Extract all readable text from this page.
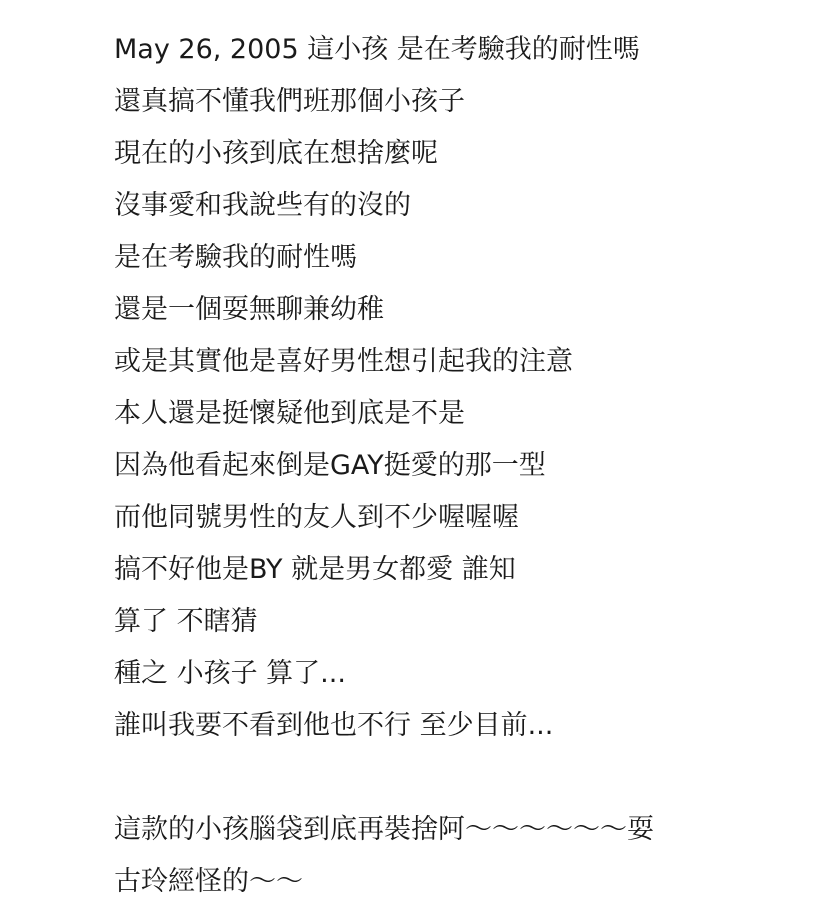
May 26, 2005 這小孩 是在考驗我的耐性嗎
還真搞不懂我們班那個小孩子
現在的小孩到底在想捨麼呢
沒事愛和我說些有的沒的
是在考驗我的耐性嗎
還是一個耍無聊兼幼稚
或是其實他是喜好男性想引起我的注意
本人還是挺懷疑他到底是不是
因為他看起來倒是GAY挺愛的那一型
而他同號男性的友人到不少喔喔喔
搞不好他是BY 就是男女都愛 誰知
算了 不瞎猜
種之 小孩子 算了...
誰叫我要不看到他也不行 至少目前...
這款的小孩腦袋到底再裝捨阿～～～～～～耍
古玲經怪的～～
